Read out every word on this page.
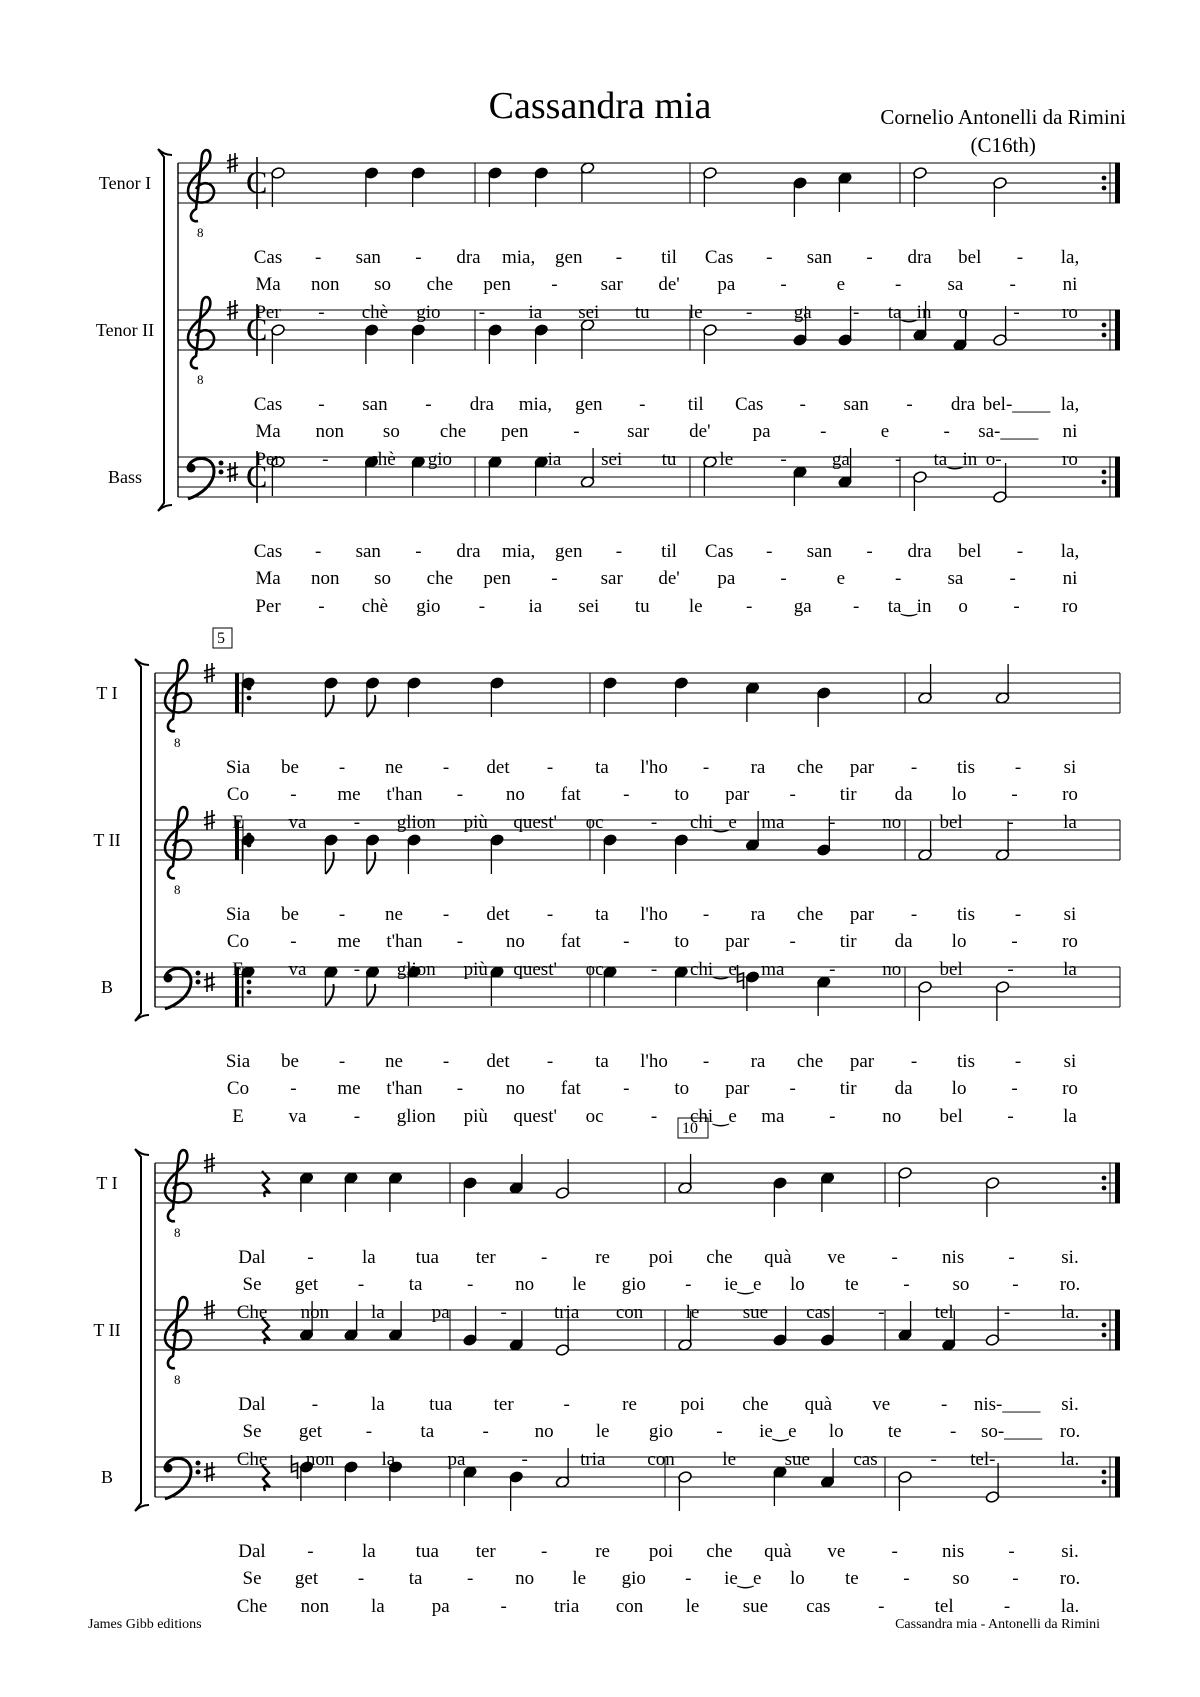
Cassandra mia	Cornelio Antonelli da Rimini
(C16th)
Tenor I
8
C
Cas - san - dra mia, gen - til Cas - san - dra bel - la,
Ma non so che pen - sar de' pa -	e	- sa - ni
Per - chè gio - ia sei tu le - ga - ta‿in o - ro
Tenor II
8
C
Cas - san - dra mia, gen - til Cas - san - dra bel-____ la,
Ma non so che pen - sar de' pa	-	e	- sa-____ ni
Per - chè gio - ia sei tu le - ga - ta‿in o-____ ro
Bass	C
Cas - san - dra mia, gen - til Cas - san - dra bel - la,
Ma non so che pen - sar de' pa -	e	- sa - ni
Per - chè gio - ia sei tu le - ga - ta‿in o - ro
5
T I
8
Sia be - ne - det - ta l'ho - ra che par - tis - si
Co - me t'han - no fat - to par - tir da lo - ro
E va - glion più quest' oc - chi‿e ma - no bel -	la
T II
8
Sia be - ne - det - ta l'ho - ra che par - tis - si
Co - me t'han - no fat - to par - tir da lo - ro
E va - glion più quest' oc - chi‿e ma - no bel -	la
B
Sia be - ne - det - ta l'ho - ra che par - tis - si
Co - me t'han - no fat - to par - tir da lo - ro
E va - glion più quest' oc - chi‿e ma - no bel -	la
10
T I
8
Dal -	la tua ter -	re poi che quà ve - nis - si.
Se get - ta - no le gio - ie‿e lo te - so - ro.
Che non la pa	- tria con le sue cas	-	tel	-	la.
T II
8
Dal -	la tua ter	-	re poi che quà ve	- nis-____ si.
Se get -	ta	- no le gio - ie‿e lo te	- so-____ ro.
Che non la	pa	-	tria con	le	sue cas	- tel-____ la.
B
Dal -	la tua ter -	re poi che quà ve - nis - si.
Se get - ta - no le gio - ie‿e lo te - so - ro.
Che non la pa	- tria con le sue cas	-	tel	-	la.
James Gibb editions	Cassandra mia - Antonelli da Rimini
